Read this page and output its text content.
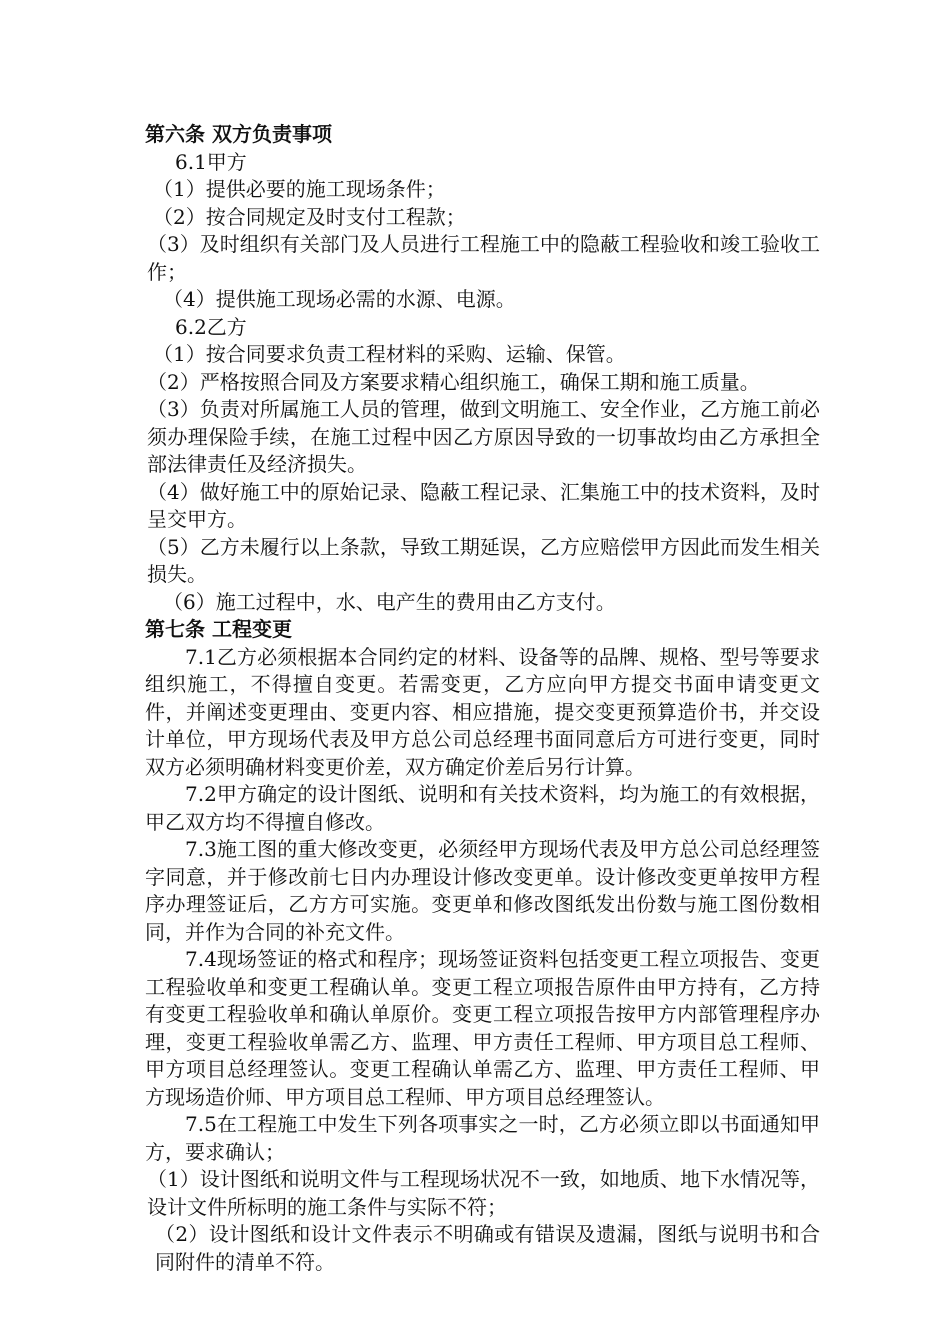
第六条 双方负责事项

6.1甲方

（1）提供必要的施工现场条件；

（2）按合同规定及时支付工程款；

（3）及时组织有关部门及人员进行工程施工中的隐蔽工程验收和竣工验收工作；

（4）提供施工现场必需的水源、电源。

6.2乙方

（1）按合同要求负责工程材料的采购、运输、保管。

（2）严格按照合同及方案要求精心组织施工，确保工期和施工质量。

（3）负责对所属施工人员的管理，做到文明施工、安全作业，乙方施工前必须办理保险手续，在施工过程中因乙方原因导致的一切事故均由乙方承担全部法律责任及经济损失。

（4）做好施工中的原始记录、隐蔽工程记录、汇集施工中的技术资料，及时呈交甲方。

（5）乙方未履行以上条款，导致工期延误，乙方应赔偿甲方因此而发生相关损失。

（6）施工过程中，水、电产生的费用由乙方支付。

第七条 工程变更

7.1乙方必须根据本合同约定的材料、设备等的品牌、规格、型号等要求组织施工，不得擅自变更。若需变更，乙方应向甲方提交书面申请变更文件，并阐述变更理由、变更内容、相应措施，提交变更预算造价书，并交设计单位，甲方现场代表及甲方总公司总经理书面同意后方可进行变更，同时双方必须明确材料变更价差，双方确定价差后另行计算。

7.2甲方确定的设计图纸、说明和有关技术资料，均为施工的有效根据，甲乙双方均不得擅自修改。

7.3施工图的重大修改变更，必须经甲方现场代表及甲方总公司总经理签字同意，并于修改前七日内办理设计修改变更单。设计修改变更单按甲方程序办理签证后，乙方方可实施。变更单和修改图纸发出份数与施工图份数相同，并作为合同的补充文件。

7.4现场签证的格式和程序；现场签证资料包括变更工程立项报告、变更工程验收单和变更工程确认单。变更工程立项报告原件由甲方持有，乙方持有变更工程验收单和确认单原价。变更工程立项报告按甲方内部管理程序办理，变更工程验收单需乙方、监理、甲方责任工程师、甲方项目总工程师、甲方项目总经理签认。变更工程确认单需乙方、监理、甲方责任工程师、甲方现场造价师、甲方项目总工程师、甲方项目总经理签认。

7.5在工程施工中发生下列各项事实之一时，乙方必须立即以书面通知甲方，要求确认；

（1）设计图纸和说明文件与工程现场状况不一致，如地质、地下水情况等，设计文件所标明的施工条件与实际不符；

（2）设计图纸和设计文件表示不明确或有错误及遗漏，图纸与说明书和合同附件的清单不符。
